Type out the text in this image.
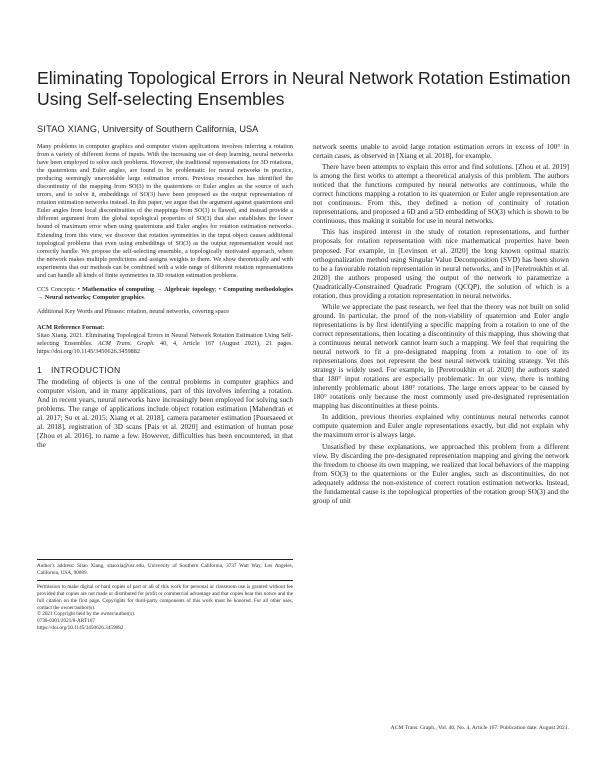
Eliminating Topological Errors in Neural Network Rotation Estimation Using Self-selecting Ensembles
SITAO XIANG, University of Southern California, USA

Many problems in computer graphics and computer vision applications involves inferring a rotation from a variety of different forms of inputs. With the increasing use of deep learning, neural networks have been employed to solve such problems. However, the traditional representations for 3D rotations, the quaternions and Euler angles, are found to be problematic for neural networks in practice, producing seemingly unavoidable large estimation errors. Previous researches has identified the discontinuity of the mapping from SO(3) to the quaternions or Euler angles as the source of such errors, and to solve it, embeddings of SO(3) have been proposed as the output representation of rotation estimation networks instead. In this paper, we argue that the argument against quaternions and Euler angles from local discontinuities of the mappings from SO(3) is flawed, and instead provide a different argument from the global topological properties of SO(3) that also establishes the lower bound of maximum error when using quaternions and Euler angles for rotation estimation networks. Extending from this view, we discover that rotation symmetries in the input object causes additional topological problems that even using embeddings of SO(3) as the output representation would not correctly handle. We propose the self-selecting ensemble, a topologically motivated approach, where the network makes multiple predictions and assigns weights to them. We show theoretically and with experiments that our methods can be combined with a wide range of different rotation representations and can handle all kinds of finite symmetries in 3D rotation estimation problems.

CCS Concepts: • Mathematics of computing → Algebraic topology; • Computing methodologies → Neural networks; Computer graphics.

Additional Key Words and Phrases: rotation, neural networks, covering space

ACM Reference Format:

Sitao Xiang. 2021. Eliminating Topological Errors in Neural Network Rotation Estimation Using Self-selecting Ensembles. ACM Trans. Graph. 40, 4, Article 167 (August 2021), 21 pages. https://doi.org/10.1145/3450626.3459882

1 INTRODUCTION

The modeling of objects is one of the central problems in computer graphics and computer vision, and in many applications, part of this involves inferring a rotation. And in recent years, neural networks have increasingly been employed for solving such problems. The range of applications include object rotation estimation [Mahendran et al. 2017; Su et al. 2015; Xiang et al. 2018], camera parameter estimation [Poursaeed et al. 2018], registration of 3D scans [Pais et al. 2020] and estimation of human pose [Zhou et al. 2016], to name a few. However, difficulties has been encountered, in that the

Author's address: Sitao Xiang, sitaoxia@usc.edu, University of Southern California, 3737 Watt Way, Los Angeles, California, USA, 90089.

Permission to make digital or hard copies of part or all of this work for personal or classroom use is granted without fee provided that copies are not made or distributed for profit or commercial advantage and that copies bear this notice and the full citation on the first page. Copyrights for third-party components of this work must be honored. For all other uses, contact the owner/author(s).

© 2021 Copyright held by the owner/author(s).

0730-0301/2021/8-ART167

https://doi.org/10.1145/3450626.3459882

network seems unable to avoid large rotation estimation errors in excess of 100° in certain cases, as observed in [Xiang et al. 2018], for example.

There have been attempts to explain this error and find solutions. [Zhou et al. 2019] is among the first works to attempt a theoretical analysis of this problem. The authors noticed that the functions computed by neural networks are continuous, while the correct functions mapping a rotation to its quaternion or Euler angle representation are not continuous. From this, they defined a notion of continuity of rotation representations, and proposed a 6D and a 5D embedding of SO(3) which is shown to be continuous, thus making it suitable for use in neural networks.

This has inspired interest in the study of rotation representations, and further proposals for rotation representation with nice mathematical properties have been proposed. For example, in [Levinson et al. 2020] the long known optimal matrix orthogonalization method using Singular Value Decomposition (SVD) has been shown to be a favourable rotation representation in neural networks, and in [Peretroukhin et al. 2020] the authors proposed using the output of the network to parametrize a Quadratically-Constrained Quadratic Program (QCQP), the solution of which is a rotation, thus providing a rotation representation in neural networks.

While we appreciate the past research, we feel that the theory was not built on solid ground. In particular, the proof of the non-viability of quaternion and Euler angle representations is by first identifying a specific mapping from a rotation to one of the correct representations, then locating a discontinuity of this mapping, thus showing that a continuous neural network cannot learn such a mapping. We feel that requiring the neural network to fit a pre-designated mapping from a rotation to one of its representations does not represent the best neural network training strategy. Yet this strategy is widely used. For example, in [Peretroukhin et al. 2020] the authors stated that 180° input rotations are especially problematic. In our view, there is nothing inherently problematic about 180° rotations. The large errors appear to be caused by 180° rotations only because the most commonly used pre-designated representation mapping has discontinuities at these points.

In addition, previous theories explained why continuous neural networks cannot compute quaternion and Euler angle representations exactly, but did not explain why the maximum error is always large.

Unsatisfied by these explanations, we approached this problem from a different view. By discarding the pre-designated representation mapping and giving the network the freedom to choose its own mapping, we realized that local behaviors of the mapping from SO(3) to the quaternions or the Euler angles, such as discontinuities, do not adequately address the non-existence of correct rotation estimation networks. Instead, the fundamental cause is the topological properties of the rotation group SO(3) and the group of unit

ACM Trans. Graph., Vol. 40, No. 4, Article 167. Publication date: August 2021.
